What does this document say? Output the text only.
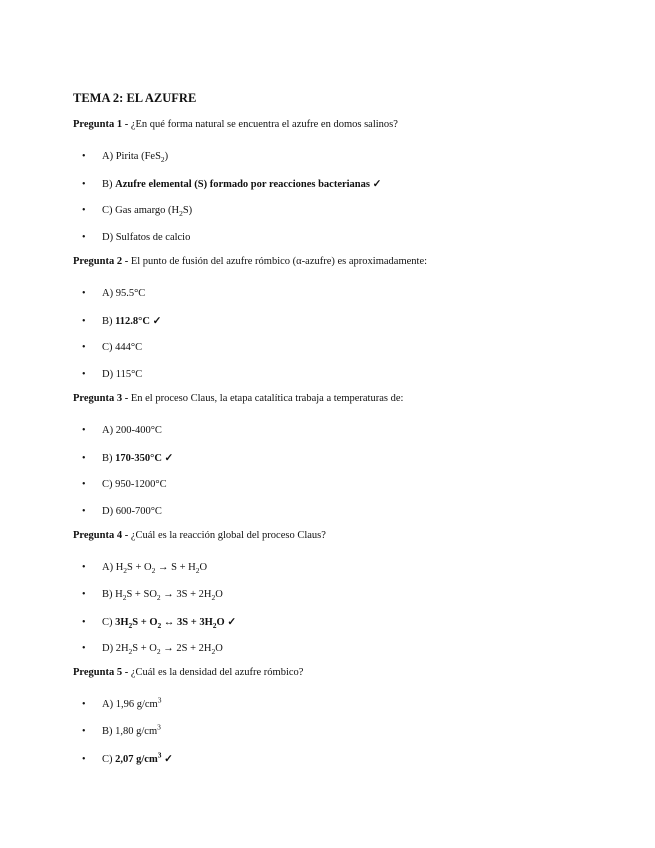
TEMA 2: EL AZUFRE
Pregunta 1 - ¿En qué forma natural se encuentra el azufre en domos salinos?
•	A) Pirita (FeS$_2$)
•	B) Azufre elemental (S) formado por reacciones bacterianas ✓
•	C) Gas amargo $(H_2S)$
•	D) Sulfatos de calcio
Pregunta 2 - El punto de fusión del azufre rómbico (α-azufre) es aproximadamente:
•	A) 95.5°C
•	B) 112.8°C ✓
•	C) 444°C
•	D) 115°C
Pregunta 3 - En el proceso Claus, la etapa catalítica trabaja a temperaturas de:
•	A) 200-400°C
•	B) 170-350°C ✓
•	C) 950-1200°C
•	D) 600-700°C
Pregunta 4 - ¿Cuál es la reacción global del proceso Claus?
•	A) $H_2S + O_2 \to S + H_2O$
•	B) $H_2S + SO_2 \to 3S + 2H_2O$
•	C) $3H_2S + O_2$ ↔ $3S + 3H_2O$ ✓
•	D) $2H_2S + O_2 \to 2S + 2H_2O$
Pregunta 5 - ¿Cuál es la densidad del azufre rómbico?
•	A) 1,96 $g/cm^3$
•	B) 1,80 $g/cm^3$
•	C) 2,07 $g/cm^3$ ✓
